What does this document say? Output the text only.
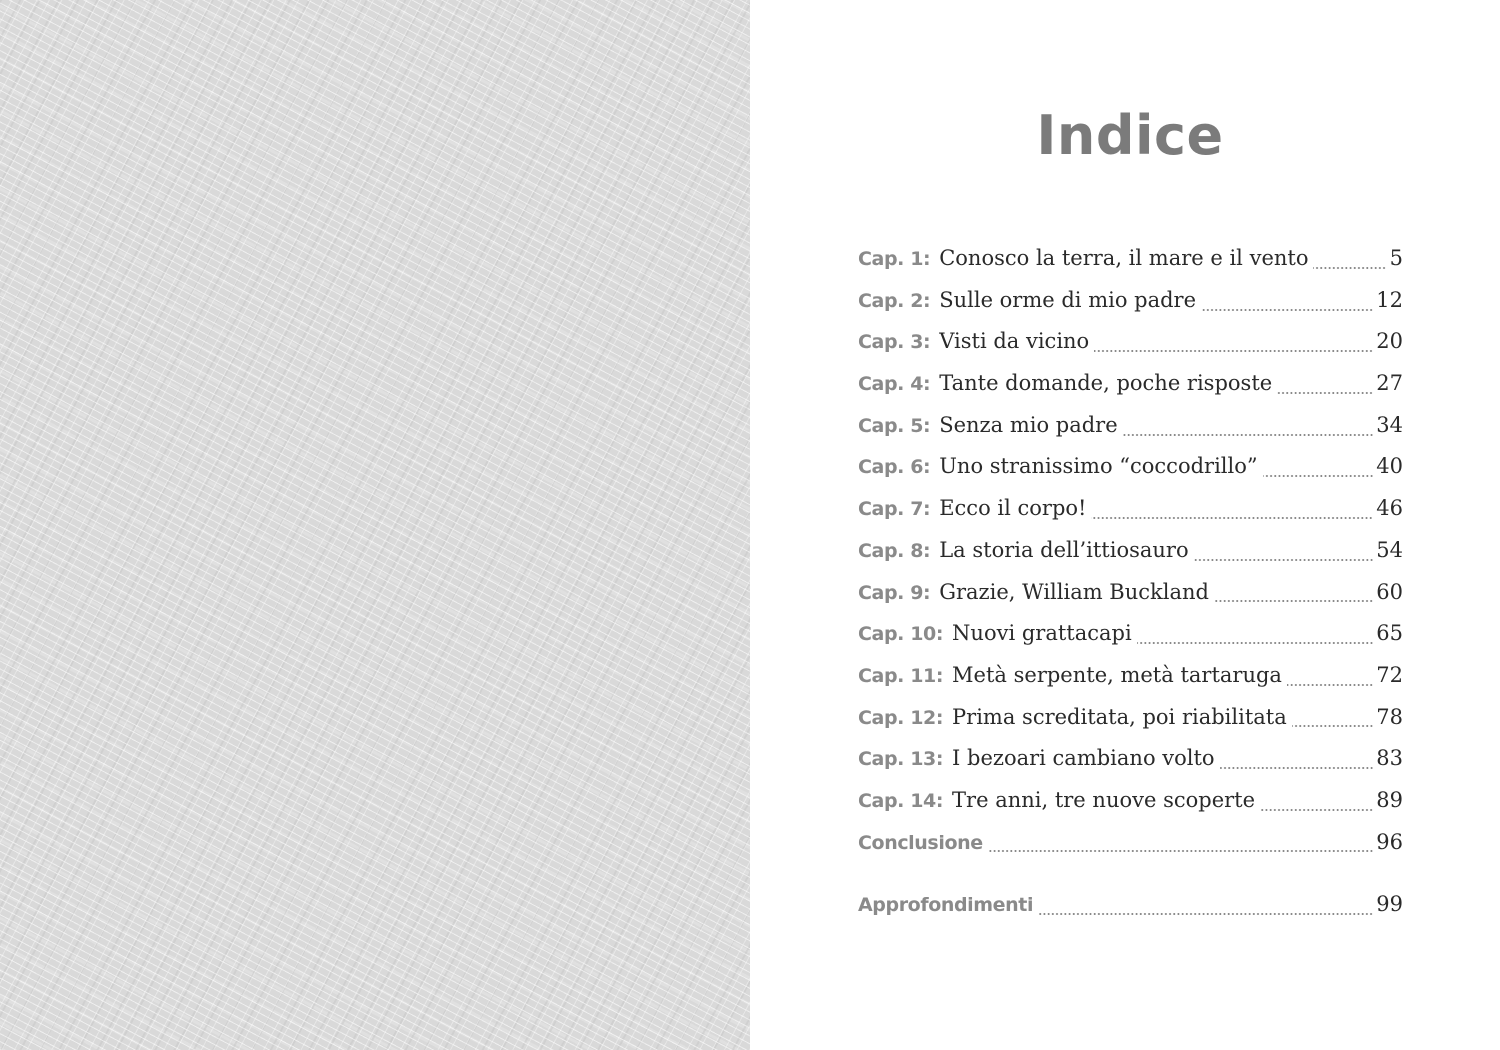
Indice
Cap. 1: Conosco la terra, il mare e il vento	5
Cap. 2: Sulle orme di mio padre	12
Cap. 3: Visti da vicino	20
Cap. 4: Tante domande, poche risposte	27
Cap. 5: Senza mio padre	34
Cap. 6: Uno stranissimo “coccodrillo”	40
Cap. 7: Ecco il corpo!	46
Cap. 8: La storia dell’ittiosauro	54
Cap. 9: Grazie, William Buckland	60
Cap. 10: Nuovi grattacapi	65
Cap. 11: Metà serpente, metà tartaruga	72
Cap. 12: Prima screditata, poi riabilitata	78
Cap. 13: I bezoari cambiano volto	83
Cap. 14: Tre anni, tre nuove scoperte	89
Conclusione	96
Approfondimenti	99
